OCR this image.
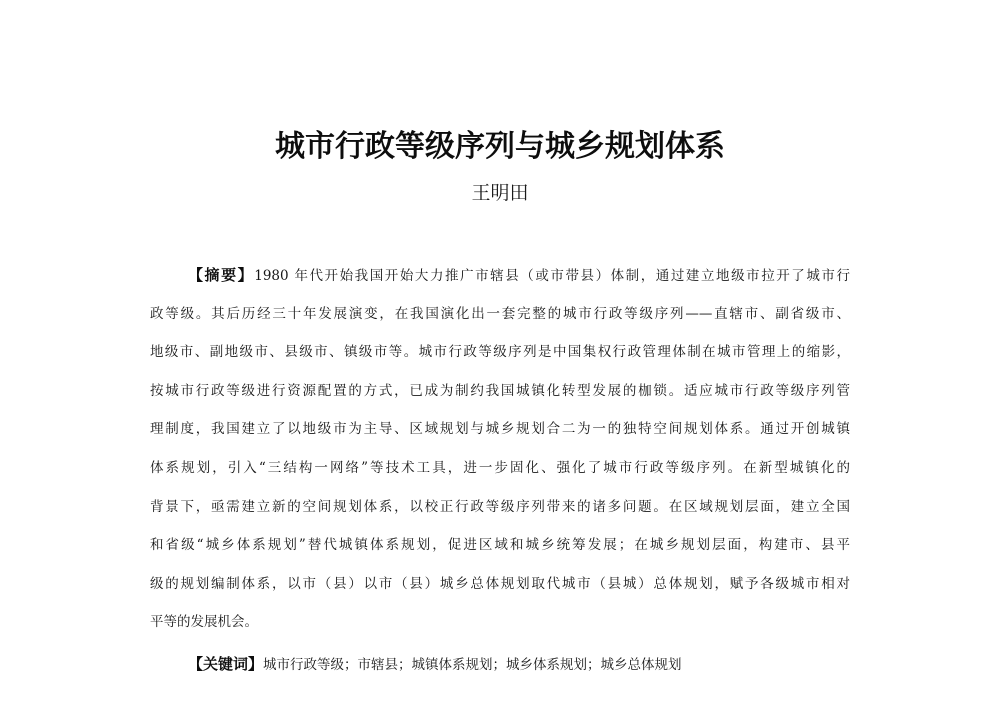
城市行政等级序列与城乡规划体系
王明田
【摘要】1980 年代开始我国开始大力推广市辖县（或市带县）体制，通过建立地级市拉开了城市行
政等级。其后历经三十年发展演变，在我国演化出一套完整的城市行政等级序列——直辖市、副省级市、
地级市、副地级市、县级市、镇级市等。城市行政等级序列是中国集权行政管理体制在城市管理上的缩影，
按城市行政等级进行资源配置的方式，已成为制约我国城镇化转型发展的枷锁。适应城市行政等级序列管
理制度，我国建立了以地级市为主导、区域规划与城乡规划合二为一的独特空间规划体系。通过开创城镇
体系规划，引入“三结构一网络”等技术工具，进一步固化、强化了城市行政等级序列。在新型城镇化的
背景下，亟需建立新的空间规划体系，以校正行政等级序列带来的诸多问题。在区域规划层面，建立全国
和省级“城乡体系规划”替代城镇体系规划，促进区域和城乡统筹发展；在城乡规划层面，构建市、县平
级的规划编制体系，以市（县）以市（县）城乡总体规划取代城市（县城）总体规划，赋予各级城市相对
平等的发展机会。
【关键词】城市行政等级；市辖县；城镇体系规划；城乡体系规划；城乡总体规划
